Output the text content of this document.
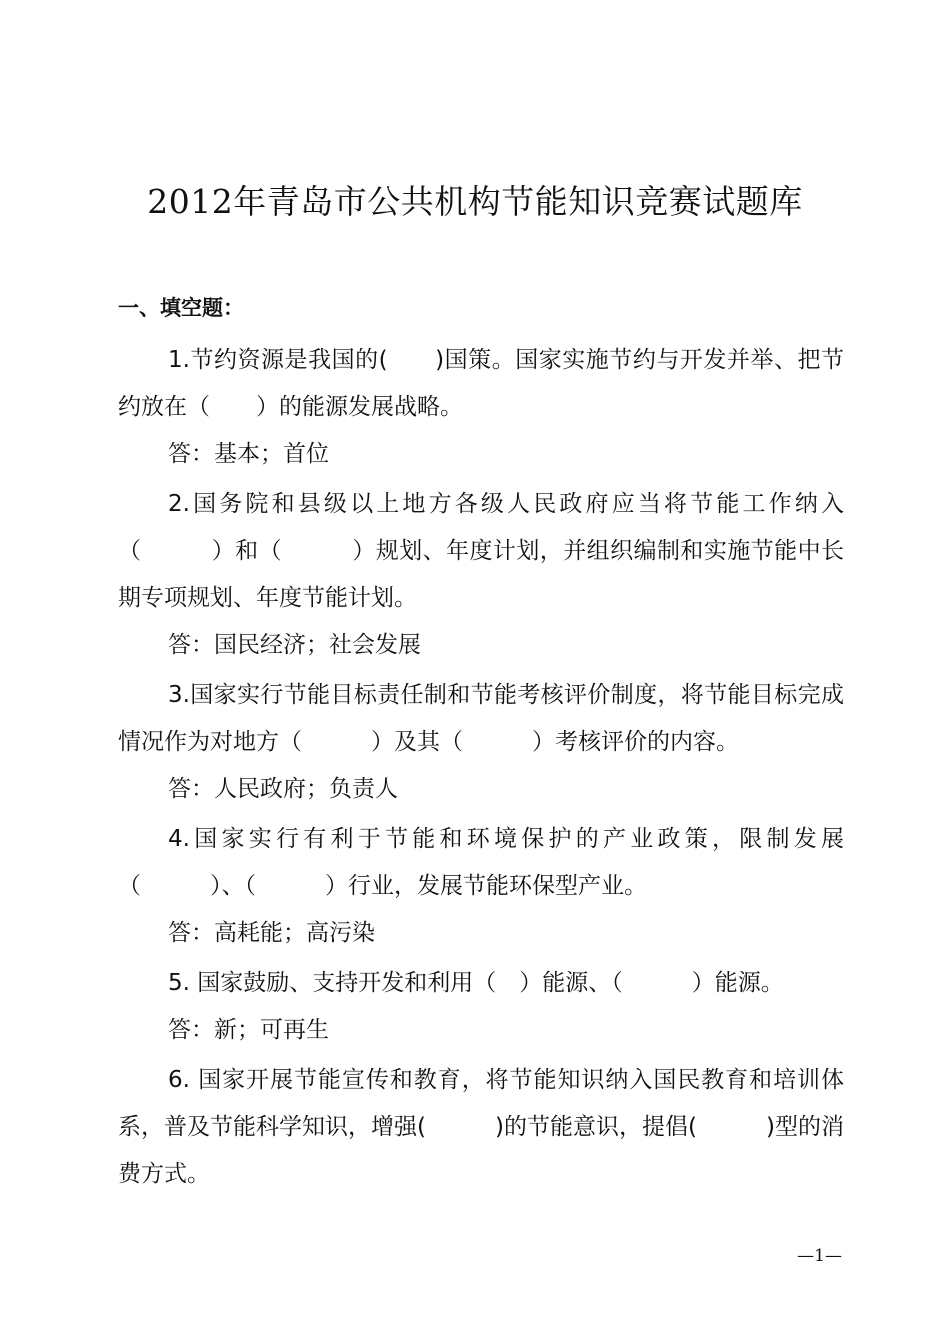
2012年青岛市公共机构节能知识竞赛试题库
一、填空题：

1.节约资源是我国的(　　)国策。国家实施节约与开发并举、把节约放在（　　）的能源发展战略。

答：基本；首位

2.国务院和县级以上地方各级人民政府应当将节能工作纳入（　　　）和（　　　）规划、年度计划，并组织编制和实施节能中长期专项规划、年度节能计划。

答：国民经济；社会发展

3.国家实行节能目标责任制和节能考核评价制度，将节能目标完成情况作为对地方（　　　）及其（　　　）考核评价的内容。

答：人民政府；负责人

4.国家实行有利于节能和环境保护的产业政策，限制发展（　　　）、（　　　）行业，发展节能环保型产业。

答：高耗能；高污染

5. 国家鼓励、支持开发和利用（　）能源、（　　　）能源。

答：新；可再生

6. 国家开展节能宣传和教育，将节能知识纳入国民教育和培训体系，普及节能科学知识，增强(　　　)的节能意识，提倡(　　　)型的消费方式。

—1—
